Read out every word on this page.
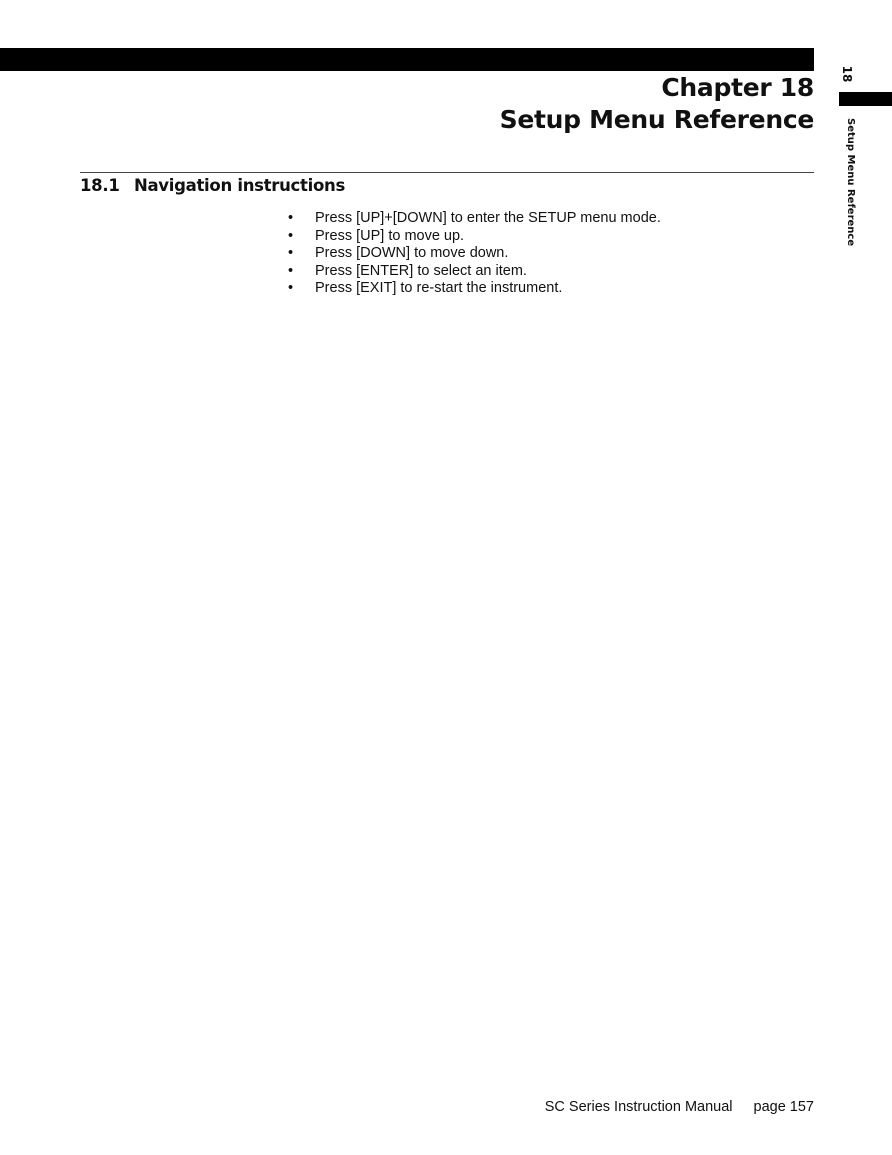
Chapter 18
Setup Menu Reference
18
Setup Menu Reference
18.1 Navigation instructions
• Press [UP]+[DOWN] to enter the SETUP menu mode.
• Press [UP] to move up.
• Press [DOWN] to move down.
• Press [ENTER] to select an item.
• Press [EXIT] to re-start the instrument.
SC Series Instruction Manual page 157
